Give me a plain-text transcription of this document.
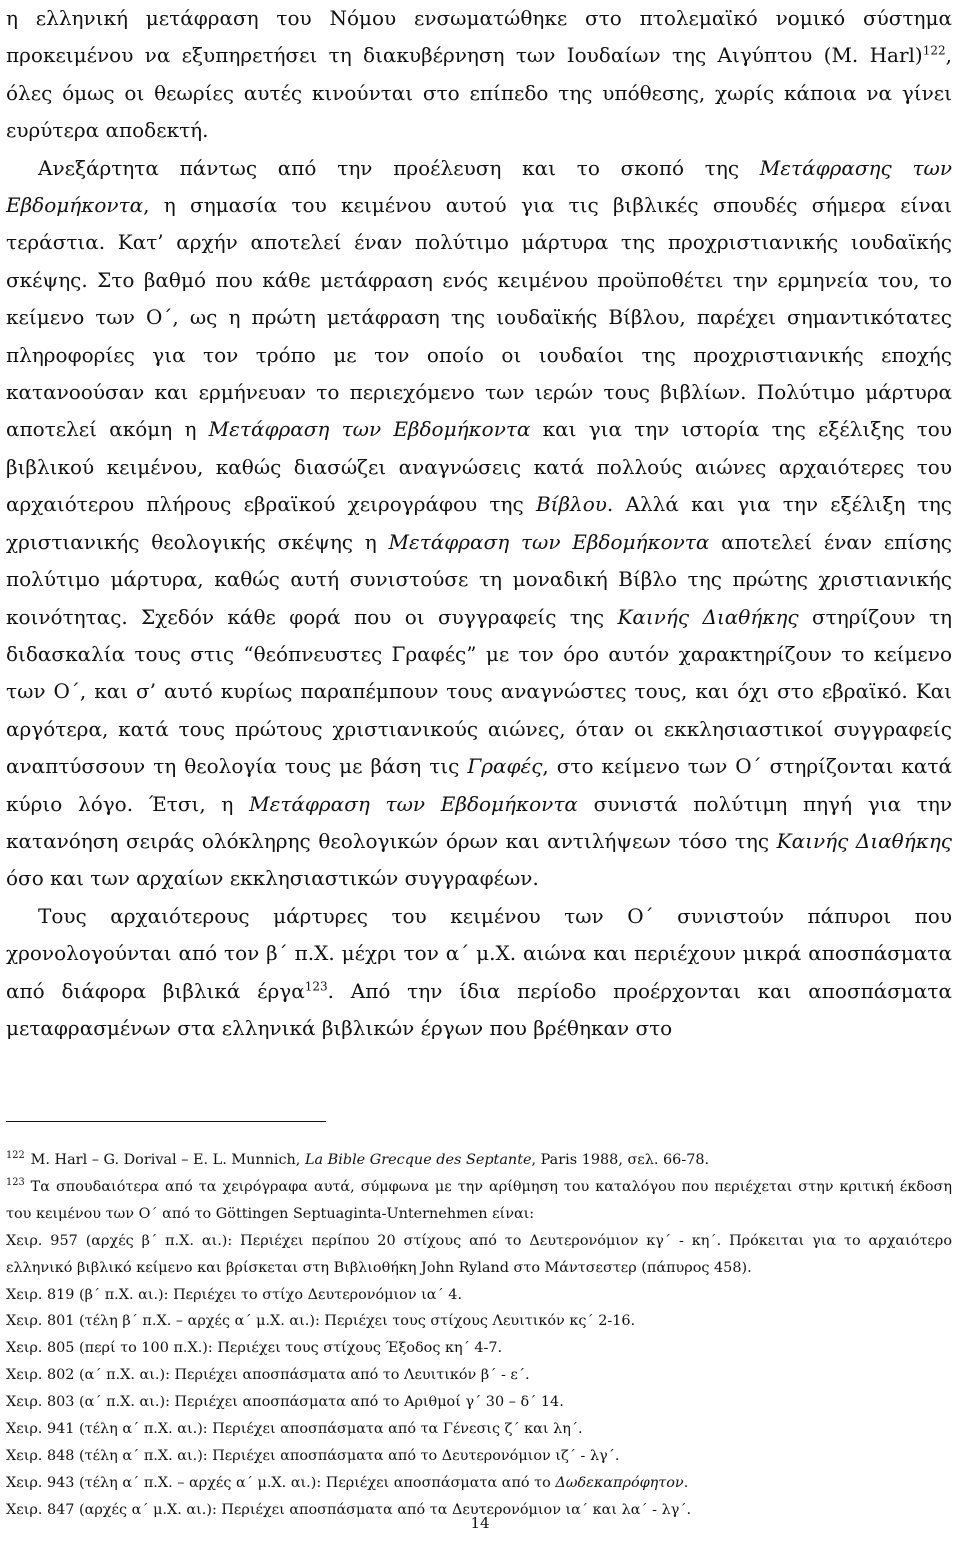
η ελληνική μετάφραση του Νόμου ενσωματώθηκε στο πτολεμαϊκό νομικό σύστημα προκειμένου να εξυπηρετήσει τη διακυβέρνηση των Ιουδαίων της Αιγύπτου (M. Harl)$^{122}$, όλες όμως οι θεωρίες αυτές κινούνται στο επίπεδο της υπόθεσης, χωρίς κάποια να γίνει ευρύτερα αποδεκτή.

Ανεξάρτητα πάντως από την προέλευση και το σκοπό της Μετάφρασης των Εβδομήκοντα, η σημασία του κειμένου αυτού για τις βιβλικές σπουδές σήμερα είναι τεράστια. Κατ’ αρχήν αποτελεί έναν πολύτιμο μάρτυρα της προχριστιανικής ιουδαϊκής σκέψης. Στο βαθμό που κάθε μετάφραση ενός κειμένου προϋποθέτει την ερμηνεία του, το κείμενο των Ο΄, ως η πρώτη μετάφραση της ιουδαϊκής Βίβλου, παρέχει σημαντικότατες πληροφορίες για τον τρόπο με τον οποίο οι ιουδαίοι της προχριστιανικής εποχής κατανοούσαν και ερμήνευαν το περιεχόμενο των ιερών τους βιβλίων. Πολύτιμο μάρτυρα αποτελεί ακόμη η Μετάφραση των Εβδομήκοντα και για την ιστορία της εξέλιξης του βιβλικού κειμένου, καθώς διασώζει αναγνώσεις κατά πολλούς αιώνες αρχαιότερες του αρχαιότερου πλήρους εβραϊκού χειρογράφου της Βίβλου. Αλλά και για την εξέλιξη της χριστιανικής θεολογικής σκέψης η Μετάφραση των Εβδομήκοντα αποτελεί έναν επίσης πολύτιμο μάρτυρα, καθώς αυτή συνιστούσε τη μοναδική Βίβλο της πρώτης χριστιανικής κοινότητας. Σχεδόν κάθε φορά που οι συγγραφείς της Καινής Διαθήκης στηρίζουν τη διδασκαλία τους στις “θεόπνευστες Γραφές” με τον όρο αυτόν χαρακτηρίζουν το κείμενο των Ο΄, και σ’ αυτό κυρίως παραπέμπουν τους αναγνώστες τους, και όχι στο εβραϊκό. Και αργότερα, κατά τους πρώτους χριστιανικούς αιώνες, όταν οι εκκλησιαστικοί συγγραφείς αναπτύσσουν τη θεολογία τους με βάση τις Γραφές, στο κείμενο των Ο΄ στηρίζονται κατά κύριο λόγο. Έτσι, η Μετάφραση των Εβδομήκοντα συνιστά πολύτιμη πηγή για την κατανόηση σειράς ολόκληρης θεολογικών όρων και αντιλήψεων τόσο της Καινής Διαθήκης όσο και των αρχαίων εκκλησιαστικών συγγραφέων.

Τους αρχαιότερους μάρτυρες του κειμένου των Ο΄ συνιστούν πάπυροι που χρονολογούνται από τον β΄ π.Χ. μέχρι τον α΄ μ.Χ. αιώνα και περιέχουν μικρά αποσπάσματα από διάφορα βιβλικά έργα$^{123}$. Από την ίδια περίοδο προέρχονται και αποσπάσματα μεταφρασμένων στα ελληνικά βιβλικών έργων που βρέθηκαν στο

$^{122}$ M. Harl – G. Dorival – E. L. Munnich, La Bible Grecque des Septante, Paris 1988, σελ. 66-78.

$^{123}$ Τα σπουδαιότερα από τα χειρόγραφα αυτά, σύμφωνα με την αρίθμηση του καταλόγου που περιέχεται στην κριτική έκδοση του κειμένου των Ο΄ από το Göttingen Septuaginta-Unternehmen είναι:

Χειρ. 957 (αρχές β΄ π.Χ. αι.): Περιέχει περίπου 20 στίχους από το Δευτερονόμιον κγ΄ - κη΄. Πρόκειται για το αρχαιότερο ελληνικό βιβλικό κείμενο και βρίσκεται στη Βιβλιοθήκη John Ryland στο Μάντσεστερ (πάπυρος 458).

Χειρ. 819 (β΄ π.Χ. αι.): Περιέχει το στίχο Δευτερονόμιον ια΄ 4.

Χειρ. 801 (τέλη β΄ π.Χ. – αρχές α΄ μ.Χ. αι.): Περιέχει τους στίχους Λευιτικόν κς΄ 2-16.

Χειρ. 805 (περί το 100 π.Χ.): Περιέχει τους στίχους Έξοδος κη΄ 4-7.

Χειρ. 802 (α΄ π.Χ. αι.): Περιέχει αποσπάσματα από το Λευιτικόν β΄ - ε΄.

Χειρ. 803 (α΄ π.Χ. αι.): Περιέχει αποσπάσματα από το Αριθμοί γ΄ 30 – δ΄ 14.

Χειρ. 941 (τέλη α΄ π.Χ. αι.): Περιέχει αποσπάσματα από τα Γένεσις ζ΄ και λη΄.

Χειρ. 848 (τέλη α΄ π.Χ. αι.): Περιέχει αποσπάσματα από το Δευτερονόμιον ιζ΄ - λγ΄.

Χειρ. 943 (τέλη α΄ π.Χ. – αρχές α΄ μ.Χ. αι.): Περιέχει αποσπάσματα από το Δωδεκαπρόφητον.

Χειρ. 847 (αρχές α΄ μ.Χ. αι.): Περιέχει αποσπάσματα από τα Δευτερονόμιον ια΄ και λα΄ - λγ΄.

14
